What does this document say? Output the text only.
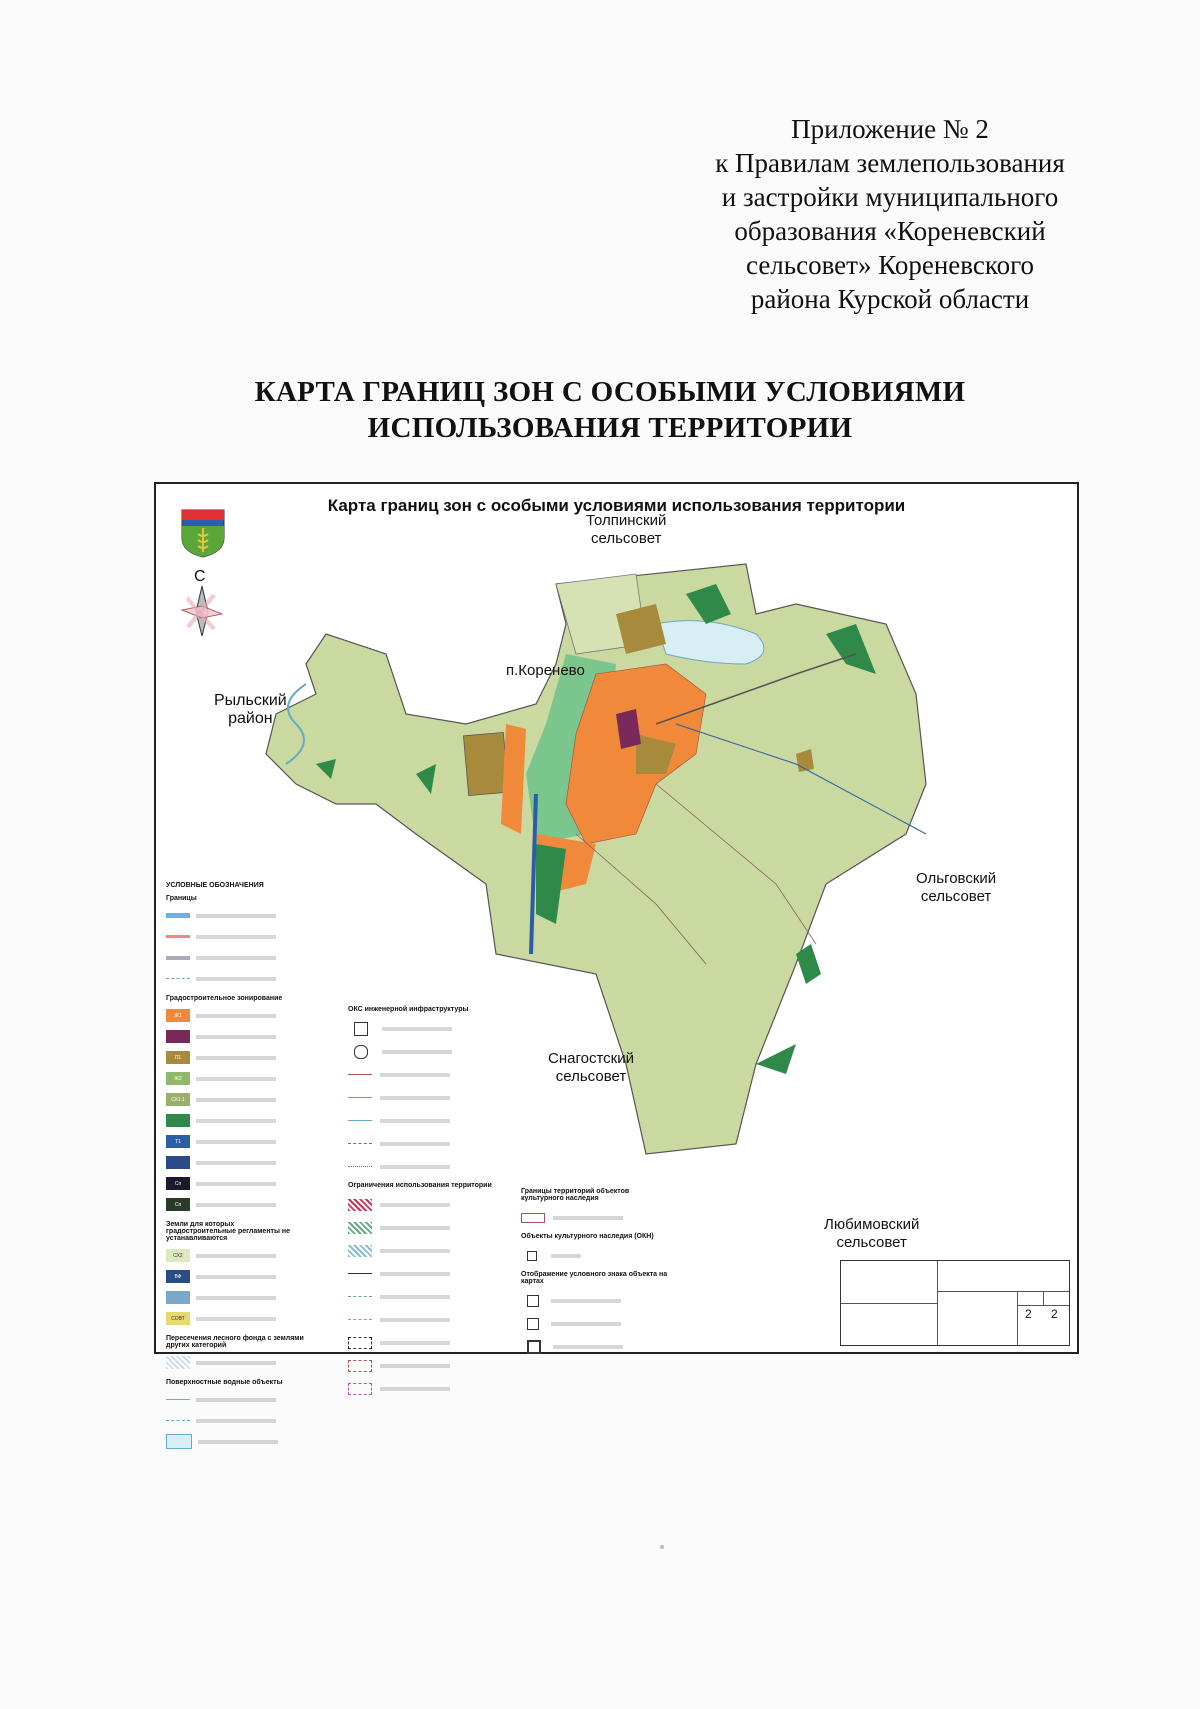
Приложение № 2
к Правилам землепользования
и застройки муниципального
образования «Кореневский
сельсовет» Кореневского
района Курской области
КАРТА ГРАНИЦ ЗОН С ОСОБЫМИ УСЛОВИЯМИ
ИСПОЛЬЗОВАНИЯ ТЕРРИТОРИИ
Карта границ зон с особыми условиями использования территории
С
Толпинский
сельсовет
Рыльский
район
п.Коренево
Ольговский
сельсовет
Снагостский
сельсовет
Любимовский
сельсовет
УСЛОВНЫЕ ОБОЗНАЧЕНИЯ
Границы
Градостроительное зонирование
Ж1
П1
Ж2
СХ1.1
Т1
Сп
Сп
Земли для которых градостроительные регламенты не устанавливаются
СХ2
ВФ
СОВТ
Пересечения лесного фонда с землями других категорий
Поверхностные водные объекты
ОКС инженерной инфраструктуры
Ограничения использования территории
Границы территорий объектов культурного наследия
Объекты культурного наследия (ОКН)
Отображение условного знака объекта на картах
2 2
